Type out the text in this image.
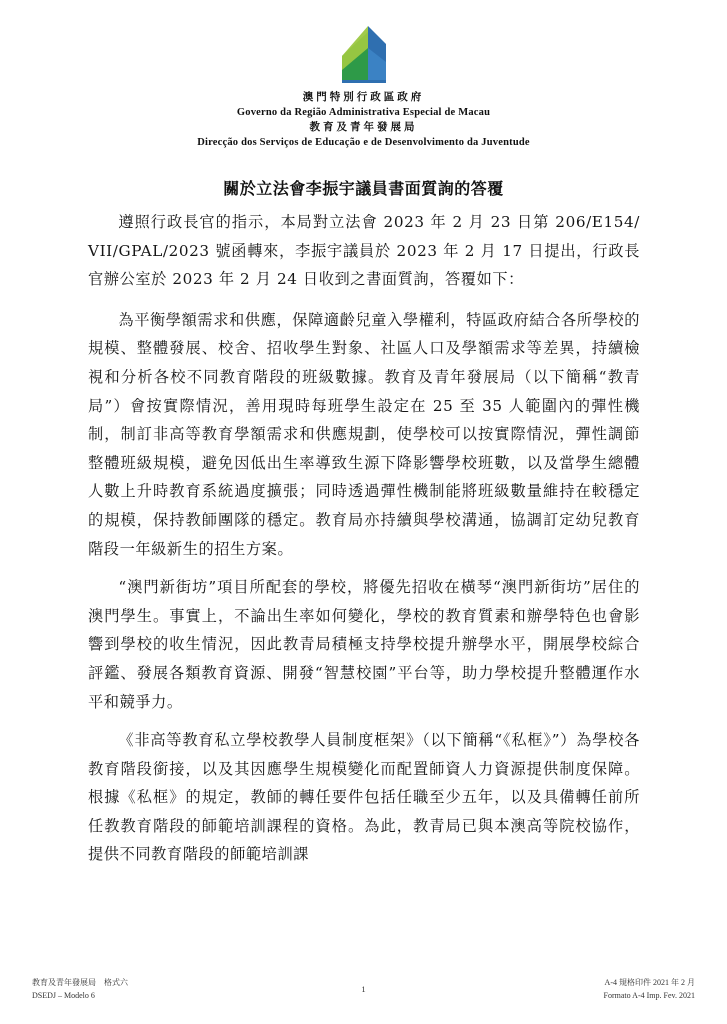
澳門特別行政區政府
Governo da Região Administrativa Especial de Macau
教育及青年發展局
Direcção dos Serviços de Educação e de Desenvolvimento da Juventude
關於立法會李振宇議員書面質詢的答覆

遵照行政長官的指示，本局對立法會 2023 年 2 月 23 日第 206/E154/VII/GPAL/2023 號函轉來，李振宇議員於 2023 年 2 月 17 日提出，行政長官辦公室於 2023 年 2 月 24 日收到之書面質詢，答覆如下：

為平衡學額需求和供應，保障適齡兒童入學權利，特區政府結合各所學校的規模、整體發展、校舍、招收學生對象、社區人口及學額需求等差異，持續檢視和分析各校不同教育階段的班級數據。教育及青年發展局（以下簡稱“教青局”）會按實際情況，善用現時每班學生設定在 25 至 35 人範圍內的彈性機制，制訂非高等教育學額需求和供應規劃，使學校可以按實際情況，彈性調節整體班級規模，避免因低出生率導致生源下降影響學校班數，以及當學生總體人數上升時教育系統過度擴張；同時透過彈性機制能將班級數量維持在較穩定的規模，保持教師團隊的穩定。教育局亦持續與學校溝通，協調訂定幼兒教育階段一年級新生的招生方案。

“澳門新街坊”項目所配套的學校，將優先招收在橫琴“澳門新街坊”居住的澳門學生。事實上，不論出生率如何變化，學校的教育質素和辦學特色也會影響到學校的收生情況，因此教青局積極支持學校提升辦學水平，開展學校綜合評鑑、發展各類教育資源、開發“智慧校園”平台等，助力學校提升整體運作水平和競爭力。

《非高等教育私立學校教學人員制度框架》（以下簡稱“《私框》”）為學校各教育階段銜接，以及其因應學生規模變化而配置師資人力資源提供制度保障。根據《私框》的規定，教師的轉任要件包括任職至少五年，以及具備轉任前所任教教育階段的師範培訓課程的資格。為此，教青局已與本澳高等院校協作，提供不同教育階段的師範培訓課

教育及青年發展局　格式六
DSEDJ – Modelo 6
1
A-4 規格印件 2021 年 2 月
Formato A-4 Imp. Fev. 2021
